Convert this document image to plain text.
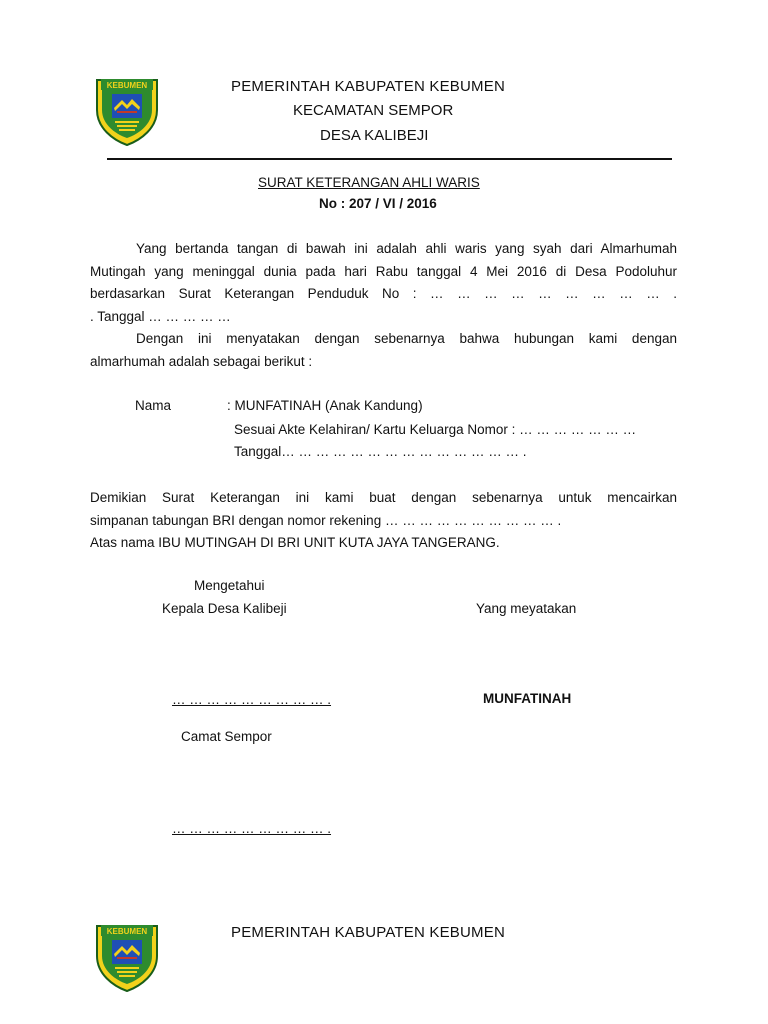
KEBUMEN	PEMERINTAH KABUPATEN KEBUMEN
KECAMATAN SEMPOR
DESA KALIBEJI
SURAT KETERANGAN AHLI WARIS
No : 207 / VI / 2016
Yang bertanda tangan di bawah ini adalah ahli waris yang syah dari Almarhumah
Mutingah yang meninggal dunia pada hari Rabu tanggal 4 Mei 2016 di Desa Podoluhur
berdasarkan Surat Keterangan Penduduk No : … … … … … … … … … .
. Tanggal … … … … …
Dengan ini menyatakan dengan sebenarnya bahwa hubungan kami dengan
almarhumah adalah sebagai berikut :
Nama	: MUNFATINAH (Anak Kandung)
Sesuai Akte Kelahiran/ Kartu Keluarga Nomor : … … … … … … …
Tanggal… … … … … … … … … … … … … … .
Demikian Surat Keterangan ini kami buat dengan sebenarnya untuk mencairkan
simpanan tabungan BRI dengan nomor rekening … … … … … … … … … … .
Atas nama IBU MUTINGAH DI BRI UNIT KUTA JAYA TANGERANG.
Mengetahui
Kepala Desa Kalibeji	Yang meyatakan
… … … … … … … … … .	MUNFATINAH
Camat Sempor
… … … … … … … … … .
KEBUMEN	PEMERINTAH KABUPATEN KEBUMEN
